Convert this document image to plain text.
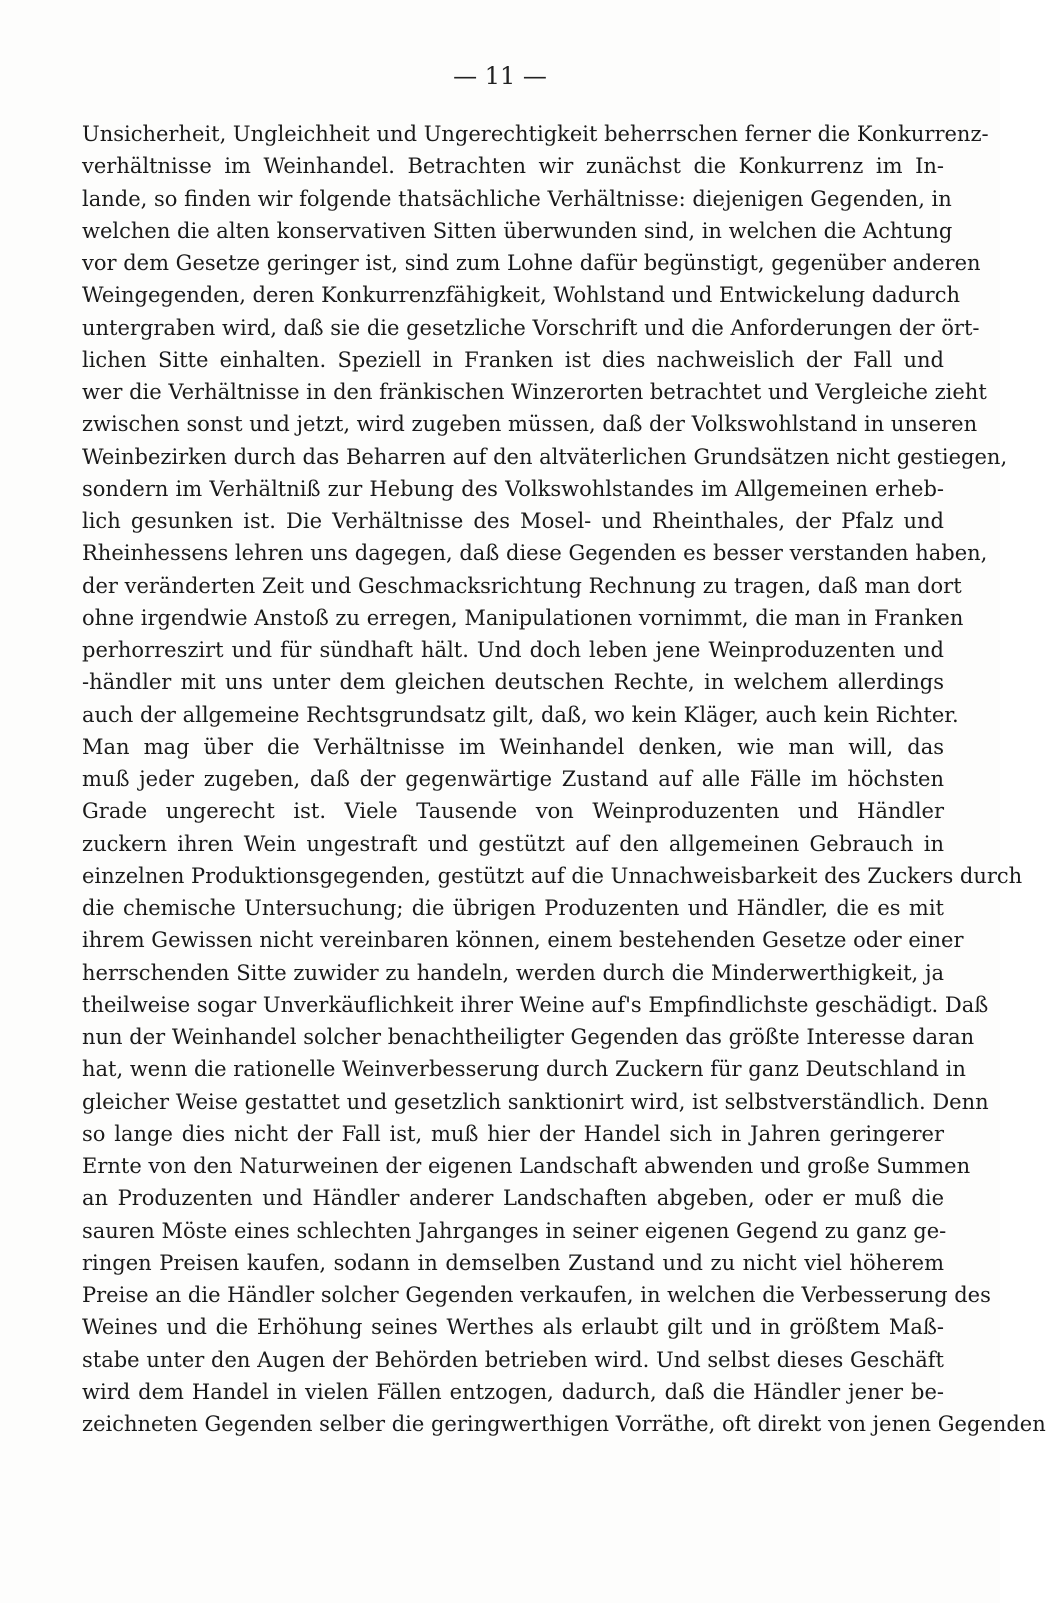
— 11 —
Unsicherheit, Ungleichheit und Ungerechtigkeit beherrschen ferner die Konkurrenz-
verhältnisse im Weinhandel. Betrachten wir zunächst die Konkurrenz im In-
lande, so finden wir folgende thatsächliche Verhältnisse: diejenigen Gegenden, in
welchen die alten konservativen Sitten überwunden sind, in welchen die Achtung
vor dem Gesetze geringer ist, sind zum Lohne dafür begünstigt, gegenüber anderen
Weingegenden, deren Konkurrenzfähigkeit, Wohlstand und Entwickelung dadurch
untergraben wird, daß sie die gesetzliche Vorschrift und die Anforderungen der ört-
lichen Sitte einhalten. Speziell in Franken ist dies nachweislich der Fall und
wer die Verhältnisse in den fränkischen Winzerorten betrachtet und Vergleiche zieht
zwischen sonst und jetzt, wird zugeben müssen, daß der Volkswohlstand in unseren
Weinbezirken durch das Beharren auf den altväterlichen Grundsätzen nicht gestiegen,
sondern im Verhältniß zur Hebung des Volkswohlstandes im Allgemeinen erheb-
lich gesunken ist. Die Verhältnisse des Mosel- und Rheinthales, der Pfalz und
Rheinhessens lehren uns dagegen, daß diese Gegenden es besser verstanden haben,
der veränderten Zeit und Geschmacksrichtung Rechnung zu tragen, daß man dort
ohne irgendwie Anstoß zu erregen, Manipulationen vornimmt, die man in Franken
perhorreszirt und für sündhaft hält. Und doch leben jene Weinproduzenten und
-händler mit uns unter dem gleichen deutschen Rechte, in welchem allerdings
auch der allgemeine Rechtsgrundsatz gilt, daß, wo kein Kläger, auch kein Richter.
Man mag über die Verhältnisse im Weinhandel denken, wie man will, das
muß jeder zugeben, daß der gegenwärtige Zustand auf alle Fälle im höchsten
Grade ungerecht ist. Viele Tausende von Weinproduzenten und Händler
zuckern ihren Wein ungestraft und gestützt auf den allgemeinen Gebrauch in
einzelnen Produktionsgegenden, gestützt auf die Unnachweisbarkeit des Zuckers durch
die chemische Untersuchung; die übrigen Produzenten und Händler, die es mit
ihrem Gewissen nicht vereinbaren können, einem bestehenden Gesetze oder einer
herrschenden Sitte zuwider zu handeln, werden durch die Minderwerthigkeit, ja
theilweise sogar Unverkäuflichkeit ihrer Weine auf's Empfindlichste geschädigt. Daß
nun der Weinhandel solcher benachtheiligter Gegenden das größte Interesse daran
hat, wenn die rationelle Weinverbesserung durch Zuckern für ganz Deutschland in
gleicher Weise gestattet und gesetzlich sanktionirt wird, ist selbstverständlich. Denn
so lange dies nicht der Fall ist, muß hier der Handel sich in Jahren geringerer
Ernte von den Naturweinen der eigenen Landschaft abwenden und große Summen
an Produzenten und Händler anderer Landschaften abgeben, oder er muß die
sauren Möste eines schlechten Jahrganges in seiner eigenen Gegend zu ganz ge-
ringen Preisen kaufen, sodann in demselben Zustand und zu nicht viel höherem
Preise an die Händler solcher Gegenden verkaufen, in welchen die Verbesserung des
Weines und die Erhöhung seines Werthes als erlaubt gilt und in größtem Maß-
stabe unter den Augen der Behörden betrieben wird. Und selbst dieses Geschäft
wird dem Handel in vielen Fällen entzogen, dadurch, daß die Händler jener be-
zeichneten Gegenden selber die geringwerthigen Vorräthe, oft direkt von jenen Gegenden
